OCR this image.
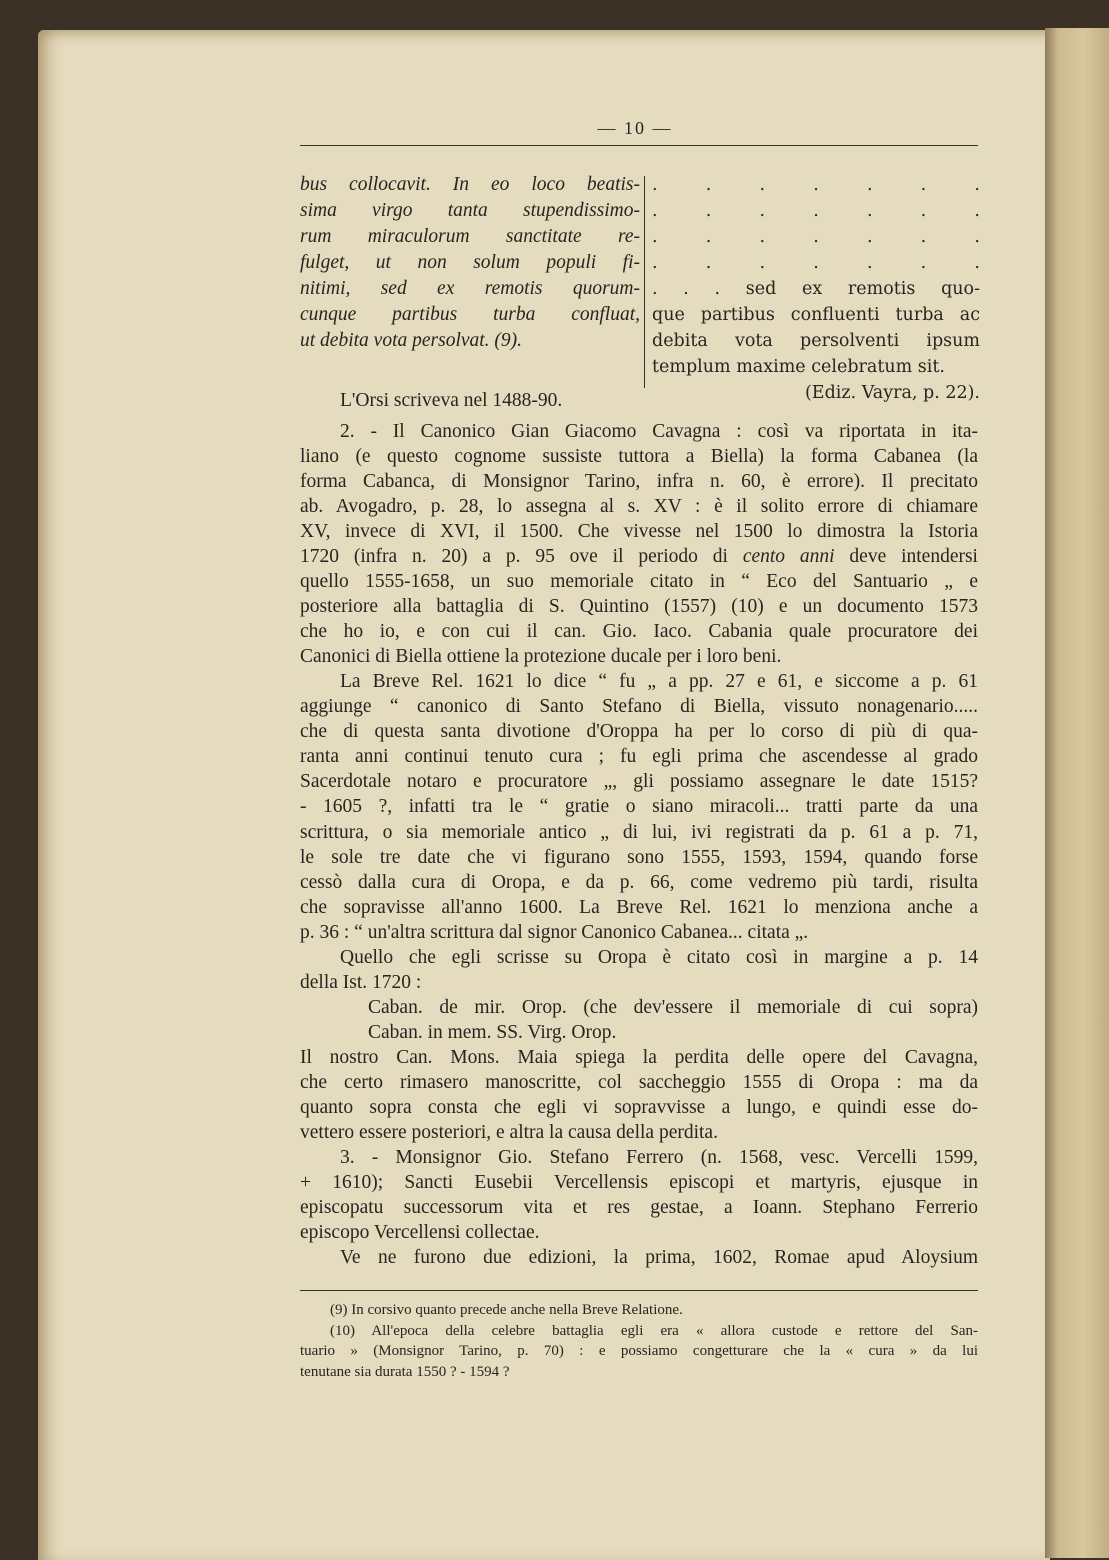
— 10 —
bus collocavit. In eo loco beatis-
sima virgo tanta stupendissimo-
rum miraculorum sanctitate re-
fulget, ut non solum populi fi-
nitimi, sed ex remotis quorum-
cunque partibus turba confluat,
ut debita vota persolvat. (9).
. . . . . . .
. . . . . . .
. . . . . . .
. . . . . . .
. . . sed ex remotis quo-
que partibus confluenti turba ac
debita vota persolventi ipsum
templum maxime celebratum sit.
(Ediz. Vayra, p. 22).
L'Orsi scriveva nel 1488-90.
2. - Il Canonico Gian Giacomo Cavagna : così va riportata in ita-
liano (e questo cognome sussiste tuttora a Biella) la forma Cabanea (la
forma Cabanca, di Monsignor Tarino, infra n. 60, è errore). Il precitato
ab. Avogadro, p. 28, lo assegna al s. XV : è il solito errore di chiamare
XV, invece di XVI, il 1500. Che vivesse nel 1500 lo dimostra la Istoria
1720 (infra n. 20) a p. 95 ove il periodo di cento anni deve intendersi
quello 1555-1658, un suo memoriale citato in “ Eco del Santuario „ e
posteriore alla battaglia di S. Quintino (1557) (10) e un documento 1573
che ho io, e con cui il can. Gio. Iaco. Cabania quale procuratore dei
Canonici di Biella ottiene la protezione ducale per i loro beni.
La Breve Rel. 1621 lo dice “ fu „ a pp. 27 e 61, e siccome a p. 61
aggiunge “ canonico di Santo Stefano di Biella, vissuto nonagenario.....
che di questa santa divotione d'Oroppa ha per lo corso di più di qua-
ranta anni continui tenuto cura ; fu egli prima che ascendesse al grado
Sacerdotale notaro e procuratore „, gli possiamo assegnare le date 1515?
- 1605 ?, infatti tra le “ gratie o siano miracoli... tratti parte da una
scrittura, o sia memoriale antico „ di lui, ivi registrati da p. 61 a p. 71,
le sole tre date che vi figurano sono 1555, 1593, 1594, quando forse
cessò dalla cura di Oropa, e da p. 66, come vedremo più tardi, risulta
che sopravisse all'anno 1600. La Breve Rel. 1621 lo menziona anche a
p. 36 : “ un'altra scrittura dal signor Canonico Cabanea... citata „.
Quello che egli scrisse su Oropa è citato così in margine a p. 14
della Ist. 1720 :
Caban. de mir. Orop. (che dev'essere il memoriale di cui sopra)
Caban. in mem. SS. Virg. Orop.
Il nostro Can. Mons. Maia spiega la perdita delle opere del Cavagna,
che certo rimasero manoscritte, col saccheggio 1555 di Oropa : ma da
quanto sopra consta che egli vi sopravvisse a lungo, e quindi esse do-
vettero essere posteriori, e altra la causa della perdita.
3. - Monsignor Gio. Stefano Ferrero (n. 1568, vesc. Vercelli 1599,
+ 1610); Sancti Eusebii Vercellensis episcopi et martyris, ejusque in
episcopatu successorum vita et res gestae, a Ioann. Stephano Ferrerio
episcopo Vercellensi collectae.
Ve ne furono due edizioni, la prima, 1602, Romae apud Aloysium
(9) In corsivo quanto precede anche nella Breve Relatione.
(10) All'epoca della celebre battaglia egli era « allora custode e rettore del San-
tuario » (Monsignor Tarino, p. 70) : e possiamo congetturare che la « cura » da lui
tenutane sia durata 1550 ? - 1594 ?
